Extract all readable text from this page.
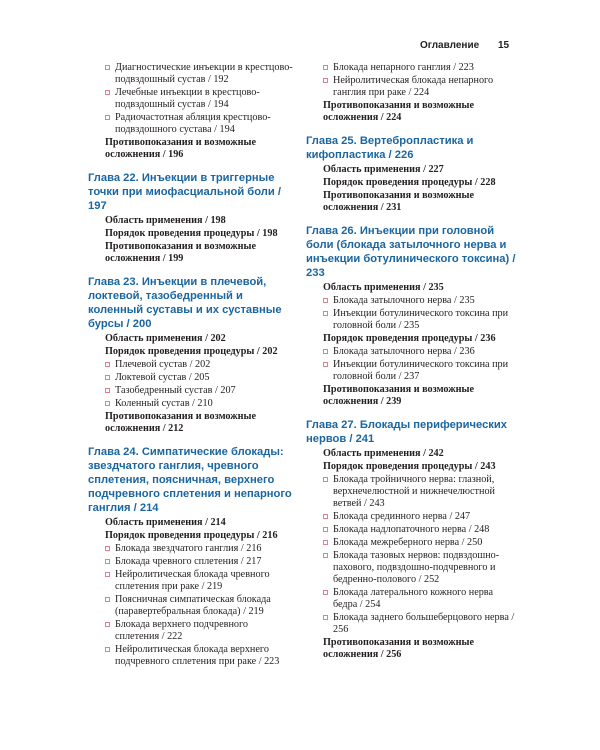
Оглавление 15
Диагностические инъекции в крестцово-подвздошный сустав / 192
Лечебные инъекции в крестцово-подвздошный сустав / 194
Радиочастотная абляция крестцово-подвздошного сустава / 194
Противопоказания и возможные осложнения / 196
Глава 22. Инъекции в триггерные точки при миофасциальной боли / 197
Область применения / 198
Порядок проведения процедуры / 198
Противопоказания и возможные осложнения / 199
Глава 23. Инъекции в плечевой, локтевой, тазобедренный и коленный суставы и их суставные бурсы / 200
Область применения / 202
Порядок проведения процедуры / 202
Плечевой сустав / 202
Локтевой сустав / 205
Тазобедренный сустав / 207
Коленный сустав / 210
Противопоказания и возможные осложнения / 212
Глава 24. Симпатические блокады: звездчатого ганглия, чревного сплетения, поясничная, верхнего подчревного сплетения и непарного ганглия / 214
Область применения / 214
Порядок проведения процедуры / 216
Блокада звездчатого ганглия / 216
Блокада чревного сплетения / 217
Нейролитическая блокада чревного сплетения при раке / 219
Поясничная симпатическая блокада (паравертебральная блокада) / 219
Блокада верхнего подчревного сплетения / 222
Нейролитическая блокада верхнего подчревного сплетения при раке / 223
Блокада непарного ганглия / 223
Нейролитическая блокада непарного ганглия при раке / 224
Противопоказания и возможные осложнения / 224
Глава 25. Вертебропластика и кифопластика / 226
Область применения / 227
Порядок проведения процедуры / 228
Противопоказания и возможные осложнения / 231
Глава 26. Инъекции при головной боли (блокада затылочного нерва и инъекции ботулинического токсина) / 233
Область применения / 235
Блокада затылочного нерва / 235
Инъекции ботулинического токсина при головной боли / 235
Порядок проведения процедуры / 236
Блокада затылочного нерва / 236
Инъекции ботулинического токсина при головной боли / 237
Противопоказания и возможные осложнения / 239
Глава 27. Блокады периферических нервов / 241
Область применения / 242
Порядок проведения процедуры / 243
Блокада тройничного нерва: глазной, верхнечелюстной и нижнечелюстной ветвей / 243
Блокада срединного нерва / 247
Блокада надлопаточного нерва / 248
Блокада межреберного нерва / 250
Блокада тазовых нервов: подвздошно-пахового, подвздошно-подчревного и бедренно-полового / 252
Блокада латерального кожного нерва бедра / 254
Блокада заднего большеберцового нерва / 256
Противопоказания и возможные осложнения / 256
